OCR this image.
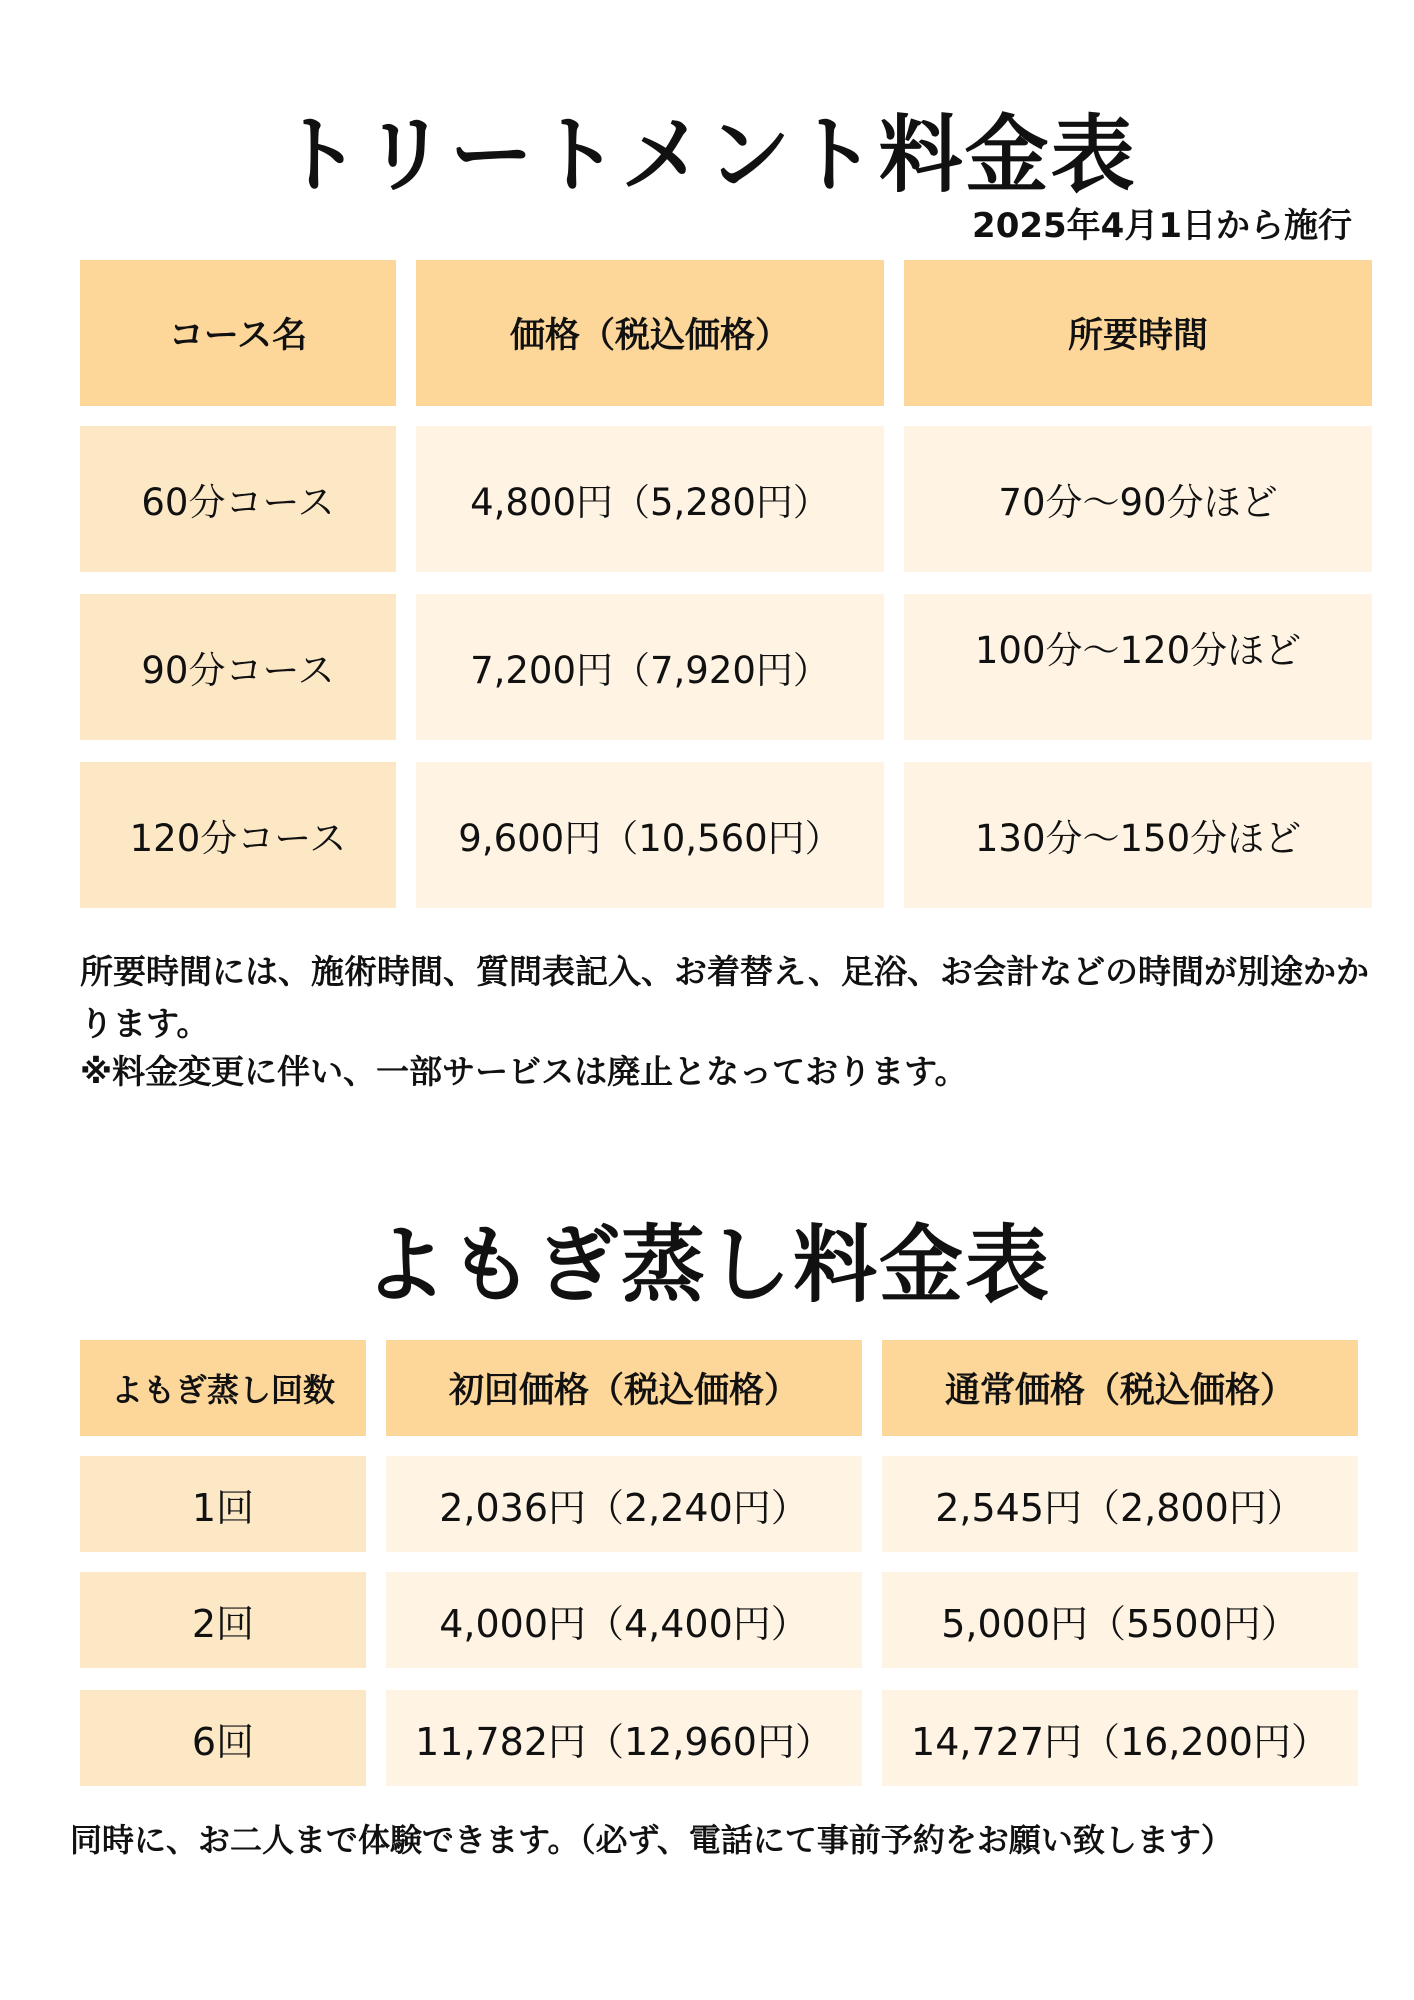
トリートメント料金表
2025年4月1日から施行
コース名	価格（税込価格）	所要時間
60分コース	4,800円（5,280円）	70分〜90分ほど
90分コース	7,200円（7,920円）	100分〜120分ほど
120分コース	9,600円（10,560円）	130分〜150分ほど

所要時間には、施術時間、質問表記入、お着替え、足浴、お会計などの時間が別途かかります。

※料金変更に伴い、一部サービスは廃止となっております。

よもぎ蒸し料金表
よもぎ蒸し回数	初回価格（税込価格）	通常価格（税込価格）
1回	2,036円（2,240円）	2,545円（2,800円）
2回	4,000円（4,400円）	5,000円（5500円）
6回	11,782円（12,960円）	14,727円（16,200円）

同時に、お二人まで体験できます。（必ず、電話にて事前予約をお願い致します）
